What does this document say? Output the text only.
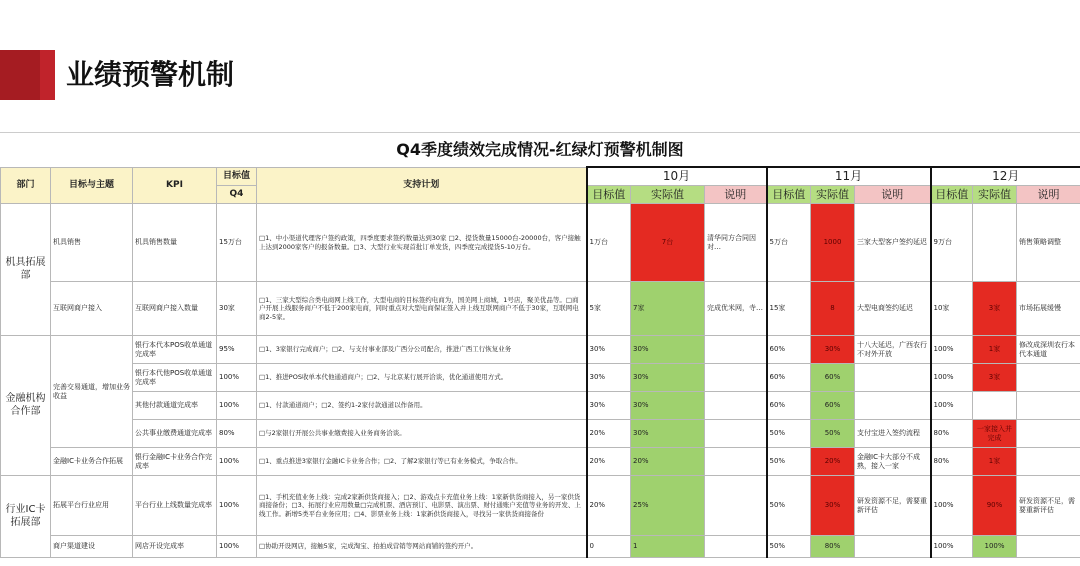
业绩预警机制
Q4季度绩效完成情况-红绿灯预警机制图
部门	目标与主题	KPI	目标值	支持计划	10月			11月			12月		
			Q4		目标值	实际值	说明	目标值	实际值	说明	目标值	实际值	说明
机具拓展部	机具销售	机具销售数量	15万台	□1、中小渠道代理客户签约政策，四季度要求签约数量达到30家 □2、提货数量15000台-20000台，客户接触上达到2000家客户的报备数量。□3、大型行业实现首批订单发货，四季度完成提货5-10万台。	1万台	7台	清华同方合同因对…	5万台	1000	三家大型客户签约延迟	9万台		销售策略调整
	互联网商户接入	互联网商户接入数量	30家	□1、三家大型综合类电商网上线工作，大型电商的目标签约电商为，国美网上商城，1号店，聚美优品等。□商户开展上线服务商户不低于200家电商，同时重点对大型电商保证签入并上线互联网商户不低于30家，互联网电商2-5家。	5家	7家	完成优米网，寺…	15家	8	大型电商签约延迟	10家	3家	市场拓展缓慢
金融机构合作部	完善交易通道，增加业务收益	银行本代本POS收单通道完成率	95%	□1、3家银行完成商户；□2、与支付事业部及广西分公司配合，推进广西工行恢复业务	30%	30%		60%	30%	十八大延迟，广西农行不对外开放	100%	1家	修改成深圳农行本代本通道
		银行本代他POS收单通道完成率	100%	□1、推进POS收单本代他通道商户；□2、与北京某行展开洽谈，优化通道使用方式。	30%	30%		60%	60%		100%	3家	
		其他付款通道完成率	100%	□1、付款通道商户；□2、签约1-2家付款通道以作备用。	30%	30%		60%	60%		100%		
		公共事业缴费通道完成率	80%	□与2家银行开展公共事业缴费接入业务商务洽谈。	20%	30%		50%	50%	支付宝进入签约流程	80%	一家接入并完成	
	金融IC卡业务合作拓展	银行金融IC卡业务合作完成率	100%	□1、重点推进3家银行金融IC卡业务合作；□2、了解2家银行等已有业务模式，争取合作。	20%	20%		50%	20%	金融IC卡大部分不成熟，接入一家	80%	1家	
行业IC卡拓展部	拓展平台行业应用	平台行业上线数量完成率	100%	□1、手机充值业务上线：完成2家新供货商接入；□2、游戏点卡充值业务上线：1家新供货商接入，另一家供货商接备份；□3、拓展行业应用数量□完成机票、酒店预订、电影票、演出票、财付通账户充值等业务的开发、上线工作。新增5类平台业务应用；□4、影票业务上线：1家新供货商接入，寻找另一家供货商接备份	20%	25%		50%	30%	研发资源不足，需要重新评估	100%	90%	研发资源不足，需要重新评估
	商户渠道建设	网店开设完成率	100%	□协助开设网店，接触5家，完成淘宝、拍拍成营销等网站商铺的签约开户。	0	1		50%	80%		100%	100%	
